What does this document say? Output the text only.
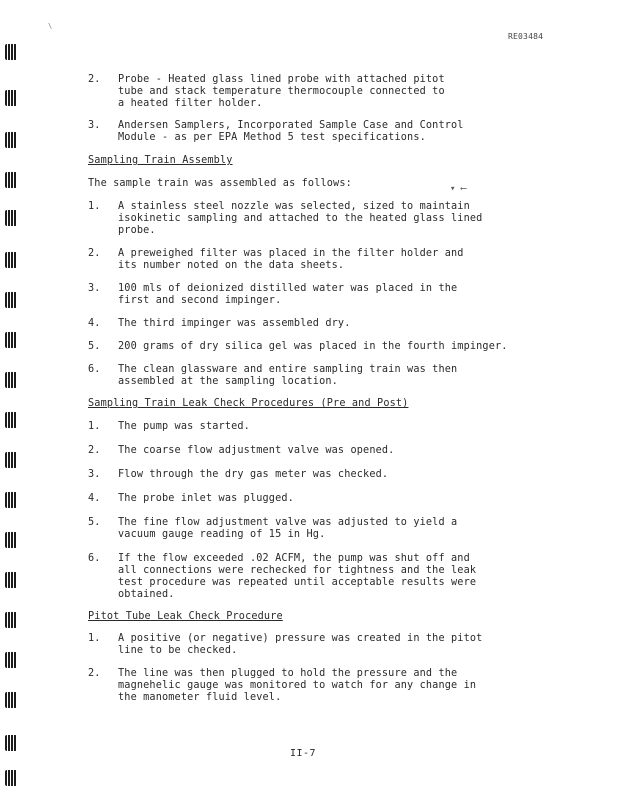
\
RE03484
▾ ⟵
2. Probe - Heated glass lined probe with attached pitot
tube and stack temperature thermocouple connected to
a heated filter holder.
3. Andersen Samplers, Incorporated Sample Case and Control
Module - as per EPA Method 5 test specifications.
Sampling Train Assembly
The sample train was assembled as follows:
1. A stainless steel nozzle was selected, sized to maintain
isokinetic sampling and attached to the heated glass lined
probe.
2. A preweighed filter was placed in the filter holder and
its number noted on the data sheets.
3. 100 mls of deionized distilled water was placed in the
first and second impinger.
4. The third impinger was assembled dry.
5. 200 grams of dry silica gel was placed in the fourth impinger.
6. The clean glassware and entire sampling train was then
assembled at the sampling location.
Sampling Train Leak Check Procedures (Pre and Post)
1. The pump was started.
2. The coarse flow adjustment valve was opened.
3. Flow through the dry gas meter was checked.
4. The probe inlet was plugged.
5. The fine flow adjustment valve was adjusted to yield a
vacuum gauge reading of 15 in Hg.
6. If the flow exceeded .02 ACFM, the pump was shut off and
all connections were rechecked for tightness and the leak
test procedure was repeated until acceptable results were
obtained.
Pitot Tube Leak Check Procedure
1. A positive (or negative) pressure was created in the pitot
line to be checked.
2. The line was then plugged to hold the pressure and the
magnehelic gauge was monitored to watch for any change in
the manometer fluid level.
II-7
